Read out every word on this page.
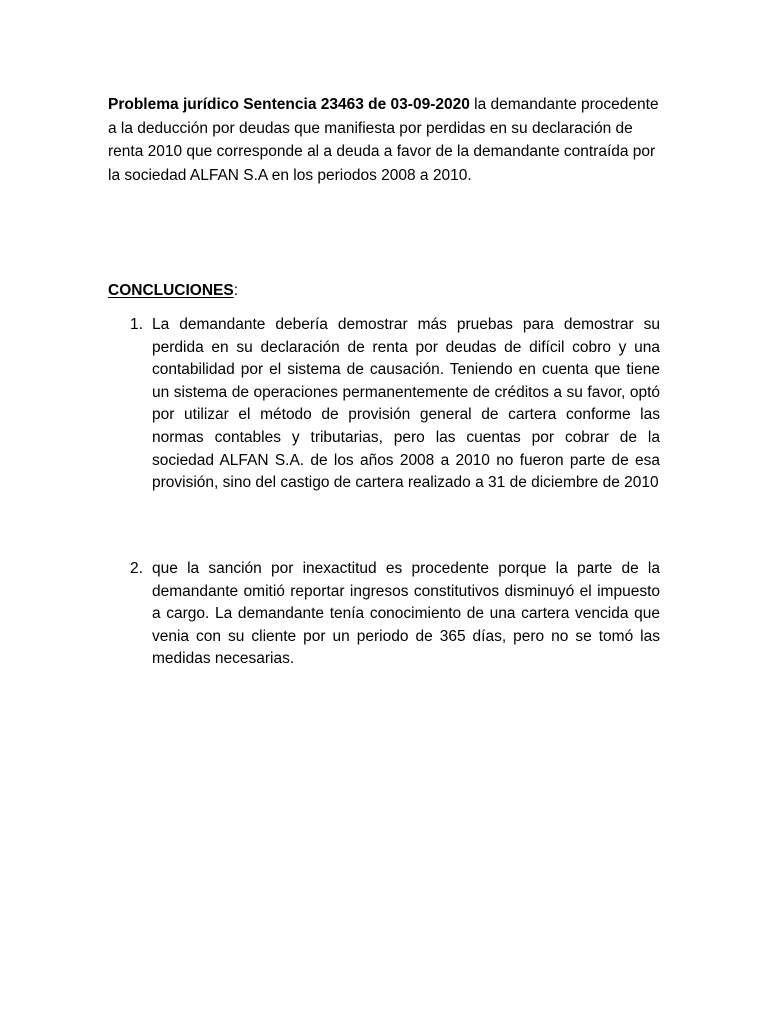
Problema jurídico Sentencia 23463 de 03-09-2020 la demandante procedente a la deducción por deudas que manifiesta por perdidas en su declaración de renta 2010 que corresponde al a deuda a favor de la demandante contraída por la sociedad ALFAN S.A en los periodos 2008 a 2010.

CONCLUCIONES:

1. La demandante debería demostrar más pruebas para demostrar su perdida en su declaración de renta por deudas de difícil cobro y una contabilidad por el sistema de causación. Teniendo en cuenta que tiene un sistema de operaciones permanentemente de créditos a su favor, optó por utilizar el método de provisión general de cartera conforme las normas contables y tributarias, pero las cuentas por cobrar de la sociedad ALFAN S.A. de los años 2008 a 2010 no fueron parte de esa provisión, sino del castigo de cartera realizado a 31 de diciembre de 2010
2. que la sanción por inexactitud es procedente porque la parte de la demandante omitió reportar ingresos constitutivos disminuyó el impuesto a cargo. La demandante tenía conocimiento de una cartera vencida que venia con su cliente por un periodo de 365 días, pero no se tomó las medidas necesarias.
